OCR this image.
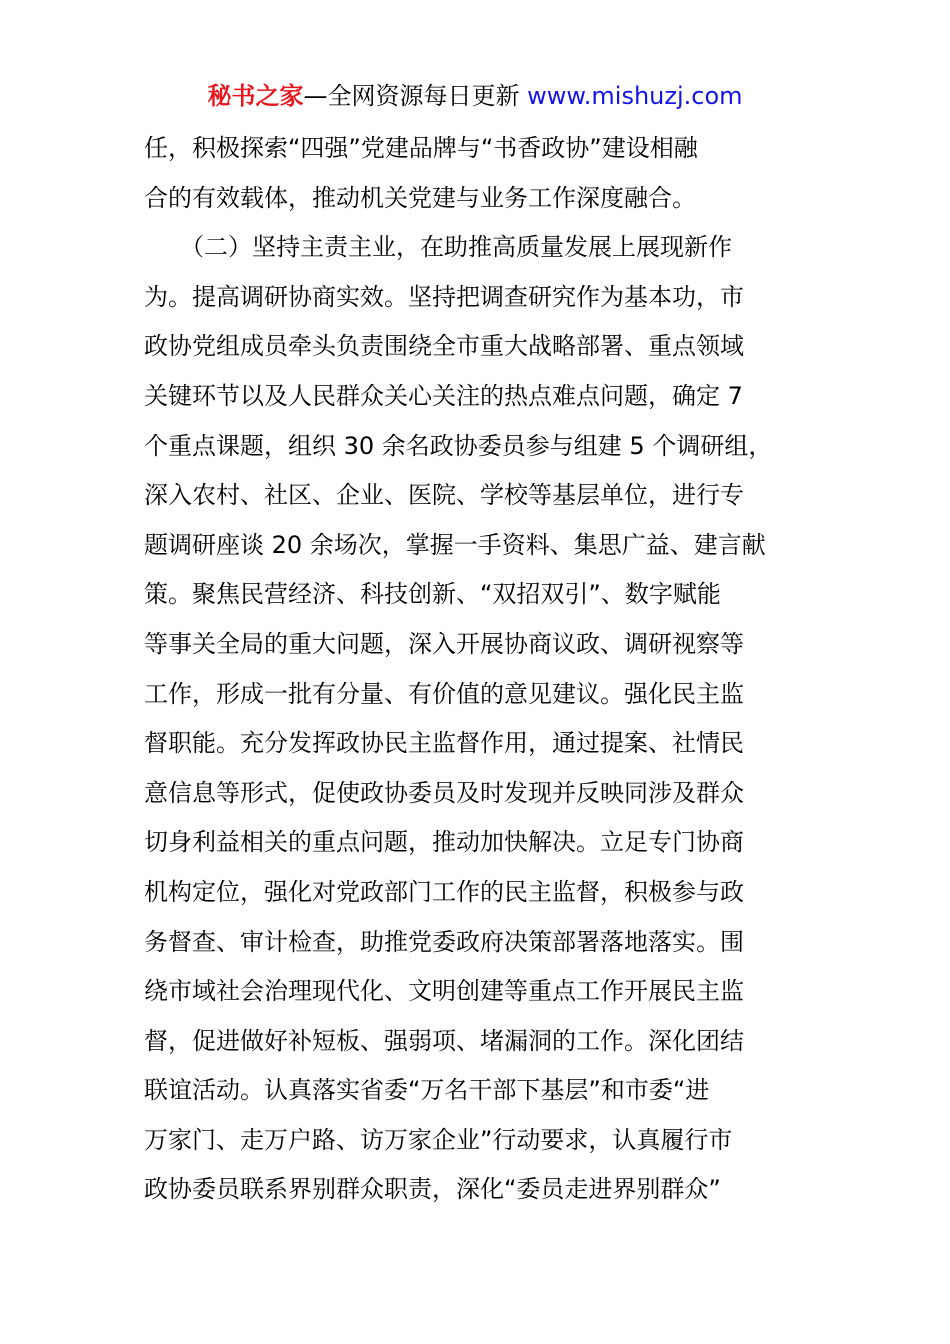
秘书之家—全网资源每日更新 www.mishuzj.com
任，积极探索“四强”党建品牌与“书香政协”建设相融
合的有效载体，推动机关党建与业务工作深度融合。
　　（二）坚持主责主业，在助推高质量发展上展现新作
为。提高调研协商实效。坚持把调查研究作为基本功，市
政协党组成员牵头负责围绕全市重大战略部署、重点领域
关键环节以及人民群众关心关注的热点难点问题，确定 7
个重点课题，组织 30 余名政协委员参与组建 5 个调研组，
深入农村、社区、企业、医院、学校等基层单位，进行专
题调研座谈 20 余场次，掌握一手资料、集思广益、建言献
策。聚焦民营经济、科技创新、“双招双引”、数字赋能
等事关全局的重大问题，深入开展协商议政、调研视察等
工作，形成一批有分量、有价值的意见建议。强化民主监
督职能。充分发挥政协民主监督作用，通过提案、社情民
意信息等形式，促使政协委员及时发现并反映同涉及群众
切身利益相关的重点问题，推动加快解决。立足专门协商
机构定位，强化对党政部门工作的民主监督，积极参与政
务督查、审计检查，助推党委政府决策部署落地落实。围
绕市域社会治理现代化、文明创建等重点工作开展民主监
督，促进做好补短板、强弱项、堵漏洞的工作。深化团结
联谊活动。认真落实省委“万名干部下基层”和市委“进
万家门、走万户路、访万家企业”行动要求，认真履行市
政协委员联系界别群众职责，深化“委员走进界别群众”
